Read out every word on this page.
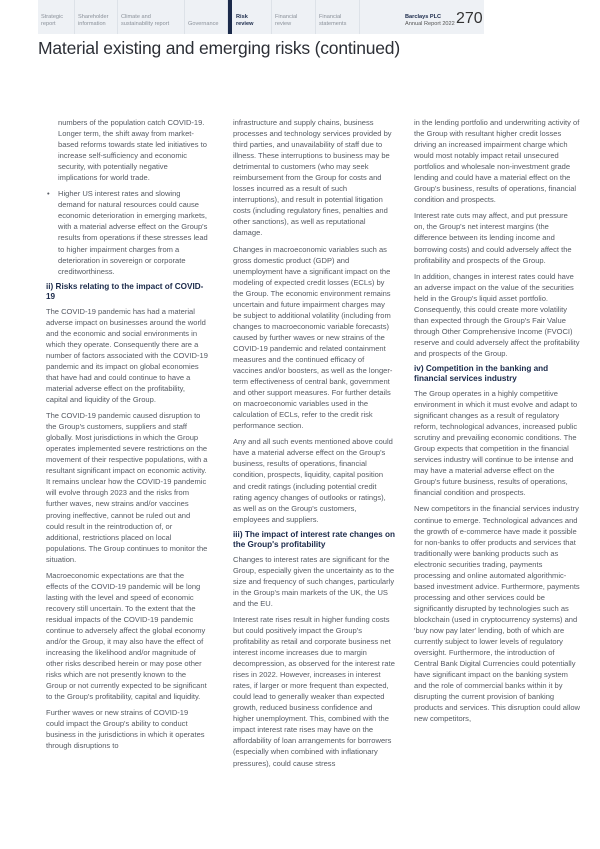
Strategic
report
Shareholder
information
Climate and
sustainability report
	Governance
Risk
review
Financial
review
Financial
statements
Barclays PLC
Annual Report 2022 270
Material existing and emerging risks (continued)

numbers of the population catch COVID-19. Longer term, the shift away from market-based reforms towards state led initiatives to increase self-sufficiency and economic security, with potentially negative implications for world trade.

• Higher US interest rates and slowing demand for natural resources could cause economic deterioration in emerging markets, with a material adverse effect on the Group's results from operations if these stresses lead to higher impairment charges from a deterioration in sovereign or corporate creditworthiness.
ii) Risks relating to the impact of COVID-19

The COVID-19 pandemic has had a material adverse impact on businesses around the world and the economic and social environments in which they operate. Consequently there are a number of factors associated with the COVID-19 pandemic and its impact on global economies that have had and could continue to have a material adverse effect on the profitability, capital and liquidity of the Group.

The COVID-19 pandemic caused disruption to the Group's customers, suppliers and staff globally. Most jurisdictions in which the Group operates implemented severe restrictions on the movement of their respective populations, with a resultant significant impact on economic activity. It remains unclear how the COVID-19 pandemic will evolve through 2023 and the risks from further waves, new strains and/or vaccines proving ineffective, cannot be ruled out and could result in the reintroduction of, or additional, restrictions placed on local populations. The Group continues to monitor the situation.

Macroeconomic expectations are that the effects of the COVID-19 pandemic will be long lasting with the level and speed of economic recovery still uncertain. To the extent that the residual impacts of the COVID-19 pandemic continue to adversely affect the global economy and/or the Group, it may also have the effect of increasing the likelihood and/or magnitude of other risks described herein or may pose other risks which are not presently known to the Group or not currently expected to be significant to the Group's profitability, capital and liquidity.

Further waves or new strains of COVID-19 could impact the Group's ability to conduct business in the jurisdictions in which it operates through disruptions to

infrastructure and supply chains, business processes and technology services provided by third parties, and unavailability of staff due to illness. These interruptions to business may be detrimental to customers (who may seek reimbursement from the Group for costs and losses incurred as a result of such interruptions), and result in potential litigation costs (including regulatory fines, penalties and other sanctions), as well as reputational damage.

Changes in macroeconomic variables such as gross domestic product (GDP) and unemployment have a significant impact on the modeling of expected credit losses (ECLs) by the Group. The economic environment remains uncertain and future impairment charges may be subject to additional volatility (including from changes to macroeconomic variable forecasts) caused by further waves or new strains of the COVID-19 pandemic and related containment measures and the continued efficacy of vaccines and/or boosters, as well as the longer-term effectiveness of central bank, government and other support measures. For further details on macroeconomic variables used in the calculation of ECLs, refer to the credit risk performance section.

Any and all such events mentioned above could have a material adverse effect on the Group's business, results of operations, financial condition, prospects, liquidity, capital position and credit ratings (including potential credit rating agency changes of outlooks or ratings), as well as on the Group's customers, employees and suppliers.

iii) The impact of interest rate changes on the Group's profitability

Changes to interest rates are significant for the Group, especially given the uncertainty as to the size and frequency of such changes, particularly in the Group's main markets of the UK, the US and the EU.

Interest rate rises result in higher funding costs but could positively impact the Group's profitability as retail and corporate business net interest income increases due to margin decompression, as observed for the interest rate rises in 2022. However, increases in interest rates, if larger or more frequent than expected, could lead to generally weaker than expected growth, reduced business confidence and higher unemployment. This, combined with the impact interest rate rises may have on the affordability of loan arrangements for borrowers (especially when combined with inflationary pressures), could cause stress

in the lending portfolio and underwriting activity of the Group with resultant higher credit losses driving an increased impairment charge which would most notably impact retail unsecured portfolios and wholesale non-investment grade lending and could have a material effect on the Group's business, results of operations, financial condition and prospects.

Interest rate cuts may affect, and put pressure on, the Group's net interest margins (the difference between its lending income and borrowing costs) and could adversely affect the profitability and prospects of the Group.

In addition, changes in interest rates could have an adverse impact on the value of the securities held in the Group's liquid asset portfolio. Consequently, this could create more volatility than expected through the Group's Fair Value through Other Comprehensive Income (FVOCI) reserve and could adversely affect the profitability and prospects of the Group.

iv) Competition in the banking and financial services industry

The Group operates in a highly competitive environment in which it must evolve and adapt to significant changes as a result of regulatory reform, technological advances, increased public scrutiny and prevailing economic conditions. The Group expects that competition in the financial services industry will continue to be intense and may have a material adverse effect on the Group's future business, results of operations, financial condition and prospects.

New competitors in the financial services industry continue to emerge. Technological advances and the growth of e-commerce have made it possible for non-banks to offer products and services that traditionally were banking products such as electronic securities trading, payments processing and online automated algorithmic-based investment advice. Furthermore, payments processing and other services could be significantly disrupted by technologies such as blockchain (used in cryptocurrency systems) and 'buy now pay later' lending, both of which are currently subject to lower levels of regulatory oversight. Furthermore, the introduction of Central Bank Digital Currencies could potentially have significant impact on the banking system and the role of commercial banks within it by disrupting the current provision of banking products and services. This disruption could allow new competitors,
